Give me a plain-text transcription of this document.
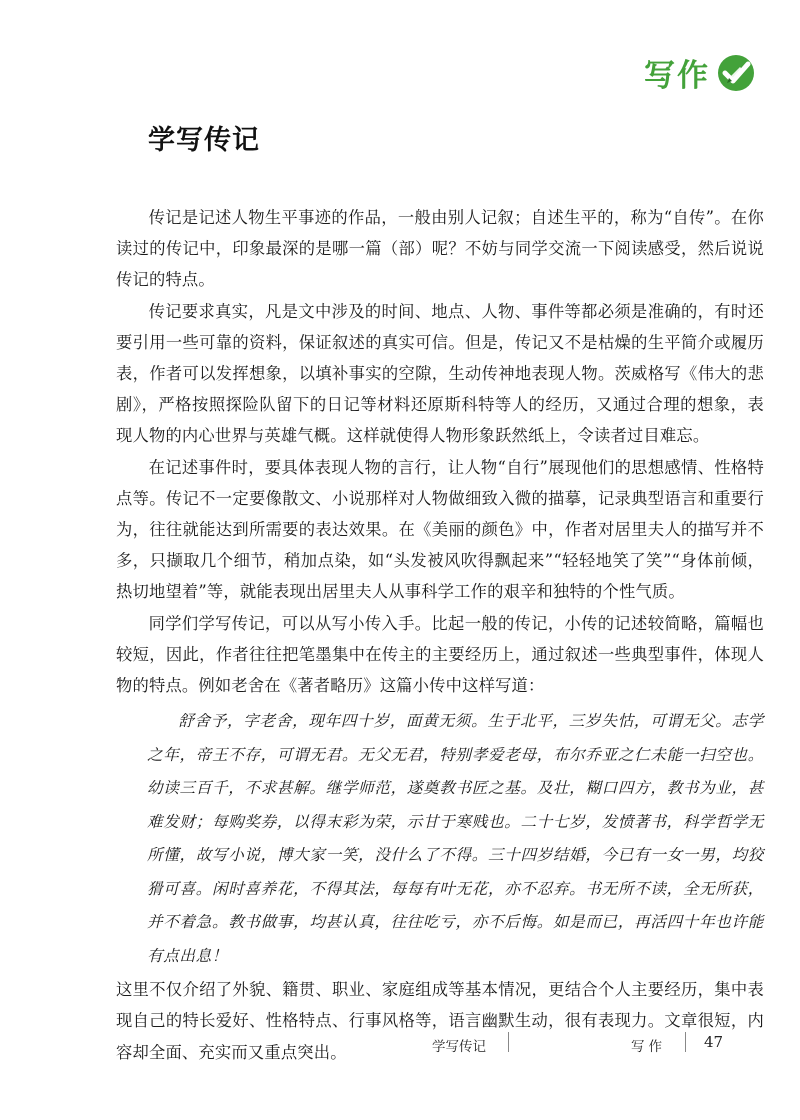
写作
学写传记

传记是记述人物生平事迹的作品，一般由别人记叙；自述生平的，称为“自传”。在你读过的传记中，印象最深的是哪一篇（部）呢？不妨与同学交流一下阅读感受，然后说说传记的特点。

传记要求真实，凡是文中涉及的时间、地点、人物、事件等都必须是准确的，有时还要引用一些可靠的资料，保证叙述的真实可信。但是，传记又不是枯燥的生平简介或履历表，作者可以发挥想象，以填补事实的空隙，生动传神地表现人物。茨威格写《伟大的悲剧》，严格按照探险队留下的日记等材料还原斯科特等人的经历，又通过合理的想象，表现人物的内心世界与英雄气概。这样就使得人物形象跃然纸上，令读者过目难忘。

在记述事件时，要具体表现人物的言行，让人物“自行”展现他们的思想感情、性格特点等。传记不一定要像散文、小说那样对人物做细致入微的描摹，记录典型语言和重要行为，往往就能达到所需要的表达效果。在《美丽的颜色》中，作者对居里夫人的描写并不多，只撷取几个细节，稍加点染，如“头发被风吹得飘起来”“轻轻地笑了笑”“身体前倾，热切地望着”等，就能表现出居里夫人从事科学工作的艰辛和独特的个性气质。

同学们学写传记，可以从写小传入手。比起一般的传记，小传的记述较简略，篇幅也较短，因此，作者往往把笔墨集中在传主的主要经历上，通过叙述一些典型事件，体现人物的特点。例如老舍在《著者略历》这篇小传中这样写道：

舒舍予，字老舍，现年四十岁，面黄无须。生于北平，三岁失怙，可谓无父。志学之年，帝王不存，可谓无君。无父无君，特别孝爱老母，布尔乔亚之仁未能一扫空也。幼读三百千，不求甚解。继学师范，遂奠教书匠之基。及壮，糊口四方，教书为业，甚难发财；每购奖券，以得末彩为荣，示甘于寒贱也。二十七岁，发愤著书，科学哲学无所懂，故写小说，博大家一笑，没什么了不得。三十四岁结婚，今已有一女一男，均狡猾可喜。闲时喜养花，不得其法，每每有叶无花，亦不忍弃。书无所不读，全无所获，并不着急。教书做事，均甚认真，往往吃亏，亦不后悔。如是而已，再活四十年也许能有点出息！

这里不仅介绍了外貌、籍贯、职业、家庭组成等基本情况，更结合个人主要经历，集中表现自己的特长爱好、性格特点、行事风格等，语言幽默生动，很有表现力。文章很短，内容却全面、充实而又重点突出。	学写传记	写作	47
